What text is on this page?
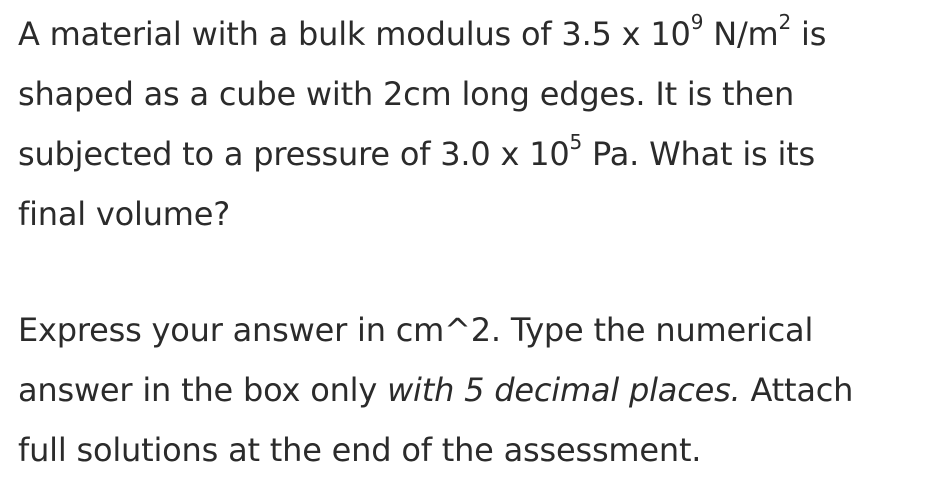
A material with a bulk modulus of 3.5 x $10^9$ $N/m^2$ is
shaped as a cube with 2cm long edges. It is then
subjected to a pressure of 3.0 x $10^5$ Pa. What is its
final volume?
Express your answer in cm^2. Type the numerical
answer in the box only with 5 decimal places. Attach
full solutions at the end of the assessment.
